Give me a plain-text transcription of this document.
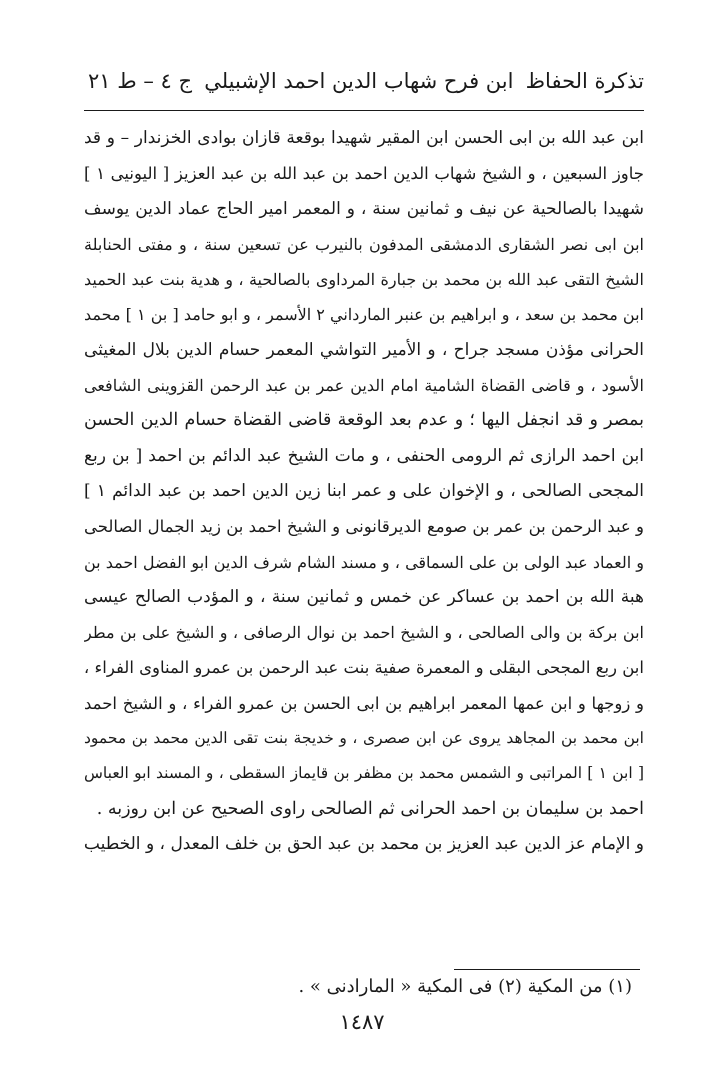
تذكرة الحفاظ
ابن فرح شهاب الدين احمد الإشبيلي
ج ٤ – ط ٢١
ابن عبد الله بن ابى الحسن ابن المقير شهيدا بوقعة قازان بوادى الخزندار – و قد
جاوز السبعين ، و الشيخ شهاب الدين احمد بن عبد الله بن عبد العزيز [ اليونيى ١ ]
شهيدا بالصالحية عن نيف و ثمانين سنة ، و المعمر امير الحاج عماد الدين يوسف
ابن ابى نصر الشقارى الدمشقى المدفون بالنيرب عن تسعين سنة ، و مفتى الحنابلة
الشيخ التقى عبد الله بن محمد بن جبارة المرداوى بالصالحية ، و هدية بنت عبد الحميد
ابن محمد بن سعد ، و ابراهيم بن عنبر المارداني ٢ الأسمر ، و ابو حامد [ بن ١ ] محمد
الحرانى مؤذن مسجد جراح ، و الأمير التواشي المعمر حسام الدين بلال المغيثى
الأسود ، و قاضى القضاة الشامية امام الدين عمر بن عبد الرحمن القزوينى الشافعى
بمصر و قد انجفل اليها ؛ و عدم بعد الوقعة قاضى القضاة حسام الدين الحسن
ابن احمد الرازى ثم الرومى الحنفى ، و مات الشيخ عبد الدائم بن احمد [ بن ربع
المجحى الصالحى ، و الإخوان على و عمر ابنا زين الدين احمد بن عبد الدائم ١ ]
و عبد الرحمن بن عمر بن صومع الديرقانونى و الشيخ احمد بن زيد الجمال الصالحى
و العماد عبد الولى بن على السماقى ، و مسند الشام شرف الدين ابو الفضل احمد بن
هبة الله بن احمد بن عساكر عن خمس و ثمانين سنة ، و المؤدب الصالح عيسى
ابن بركة بن والى الصالحى ، و الشيخ احمد بن نوال الرصافى ، و الشيخ على بن مطر
ابن ربع المجحى البقلى و المعمرة صفية بنت عبد الرحمن بن عمرو المناوى الفراء ،
و زوجها و ابن عمها المعمر ابراهيم بن ابى الحسن بن عمرو الفراء ، و الشيخ احمد
ابن محمد بن المجاهد يروى عن ابن صصرى ، و خديجة بنت تقى الدين محمد بن محمود
[ ابن ١ ] المراتبى و الشمس محمد بن مظفر بن قايماز السقطى ، و المسند ابو العباس
احمد بن سليمان بن احمد الحرانى ثم الصالحى راوى الصحيح عن ابن روزبه .
و الإمام عز الدين عبد العزيز بن محمد بن عبد الحق بن خلف المعدل ، و الخطيب
(١) من المكية (٢) فى المكية « المارادنى » .
١٤٨٧
